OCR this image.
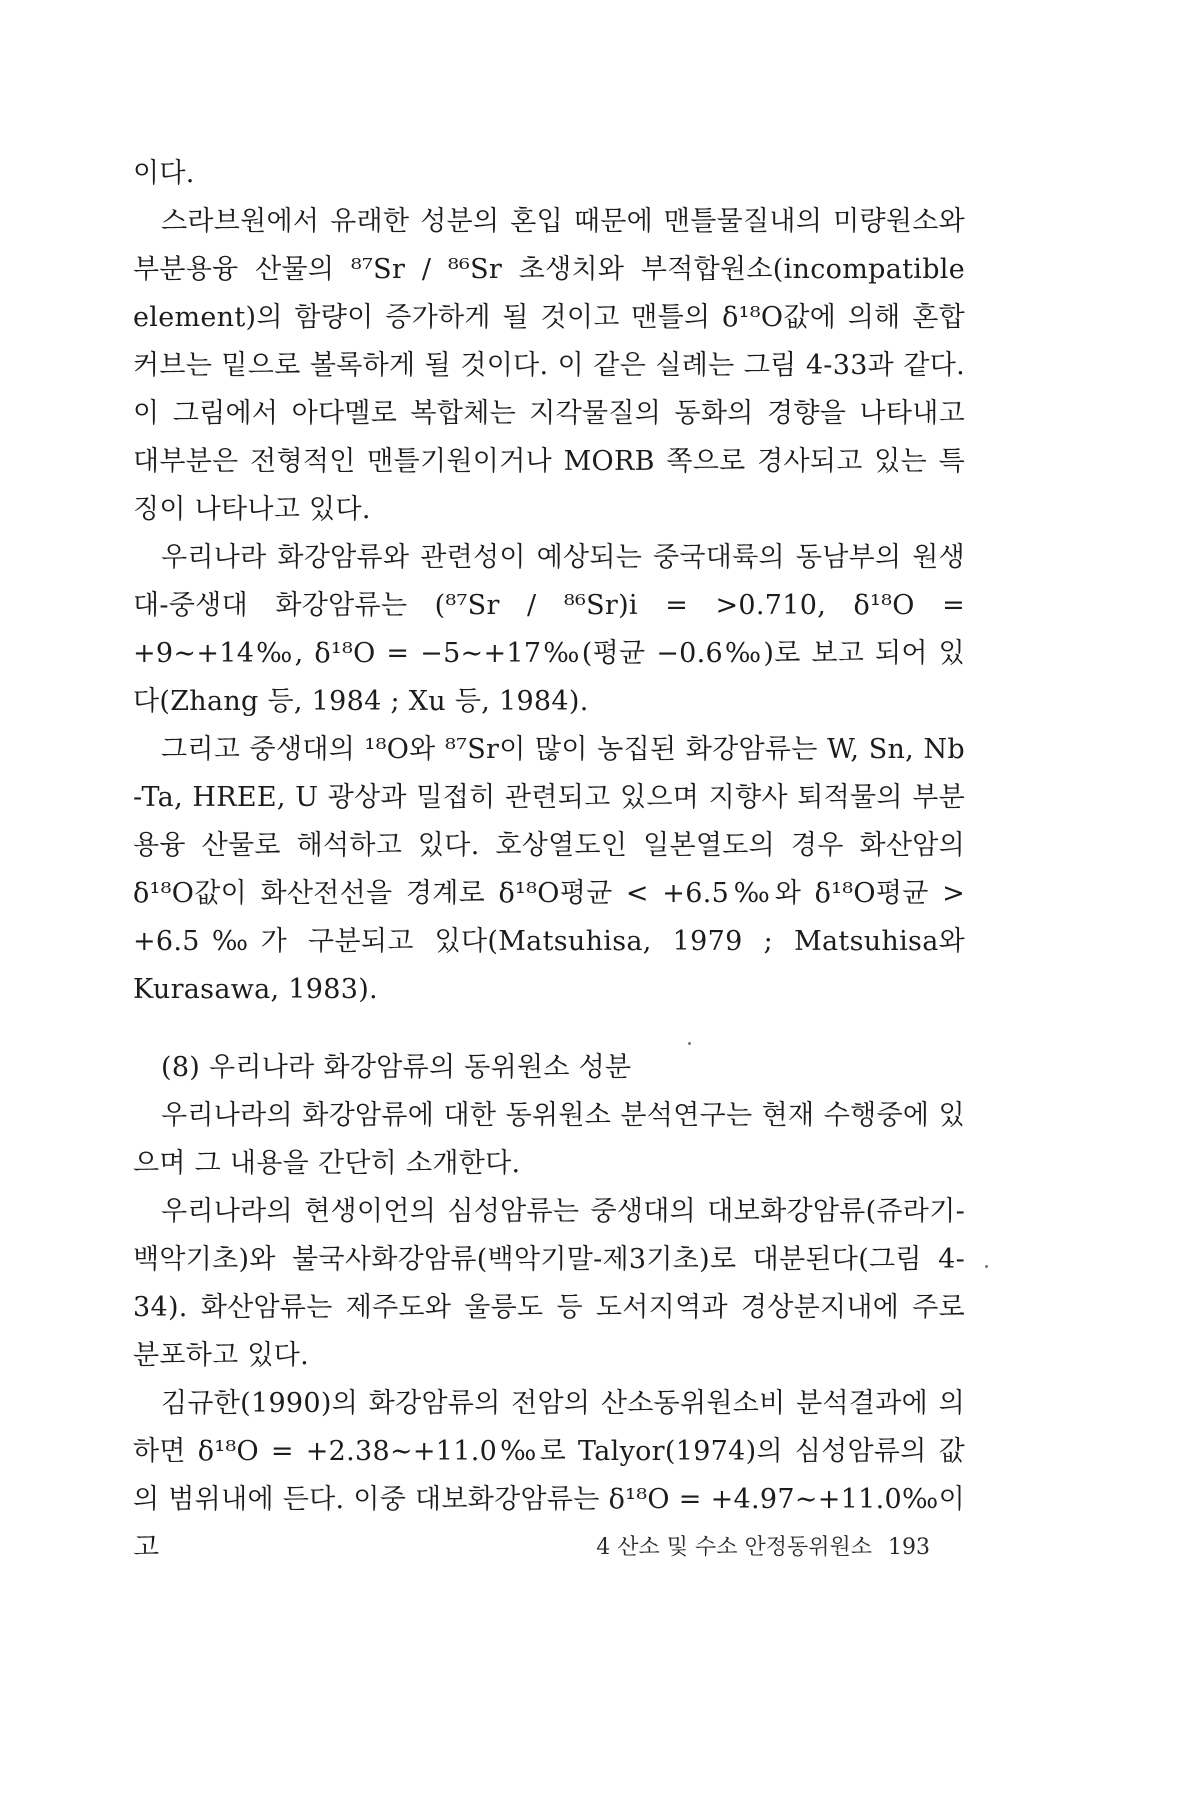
이다.

스라브원에서 유래한 성분의 혼입 때문에 맨틀물질내의 미량원소와 부분용융 산물의 ⁸⁷Sr / ⁸⁶Sr 초생치와 부적합원소(incompatible element)의 함량이 증가하게 될 것이고 맨틀의 δ¹⁸O값에 의해 혼합커브는 밑으로 볼록하게 될 것이다. 이 같은 실례는 그림 4-33과 같다. 이 그림에서 아다멜로 복합체는 지각물질의 동화의 경향을 나타내고 대부분은 전형적인 맨틀기원이거나 MORB 쪽으로 경사되고 있는 특징이 나타나고 있다.

우리나라 화강암류와 관련성이 예상되는 중국대륙의 동남부의 원생대-중생대 화강암류는 (⁸⁷Sr / ⁸⁶Sr)i = >0.710, δ¹⁸O = +9∼+14‰, δ¹⁸O = −5∼+17‰(평균 −0.6‰)로 보고 되어 있다(Zhang 등, 1984 ; Xu 등, 1984).

그리고 중생대의 ¹⁸O와 ⁸⁷Sr이 많이 농집된 화강암류는 W, Sn, Nb -Ta, HREE, U 광상과 밀접히 관련되고 있으며 지향사 퇴적물의 부분용융 산물로 해석하고 있다. 호상열도인 일본열도의 경우 화산암의 δ¹⁸O값이 화산전선을 경계로 δ¹⁸O평균 < +6.5‰와 δ¹⁸O평균 > +6.5‰가 구분되고 있다(Matsuhisa, 1979 ; Matsuhisa와 Kurasawa, 1983).

(8) 우리나라 화강암류의 동위원소 성분

우리나라의 화강암류에 대한 동위원소 분석연구는 현재 수행중에 있으며 그 내용을 간단히 소개한다.

우리나라의 현생이언의 심성암류는 중생대의 대보화강암류(쥬라기-백악기초)와 불국사화강암류(백악기말-제3기초)로 대분된다(그림 4-34). 화산암류는 제주도와 울릉도 등 도서지역과 경상분지내에 주로 분포하고 있다.

김규한(1990)의 화강암류의 전암의 산소동위원소비 분석결과에 의하면 δ¹⁸O = +2.38∼+11.0‰로 Talyor(1974)의 심성암류의 값의 범위내에 든다. 이중 대보화강암류는 δ¹⁸O = +4.97∼+11.0‰이고	4 산소 및 수소 안정동위원소 193
